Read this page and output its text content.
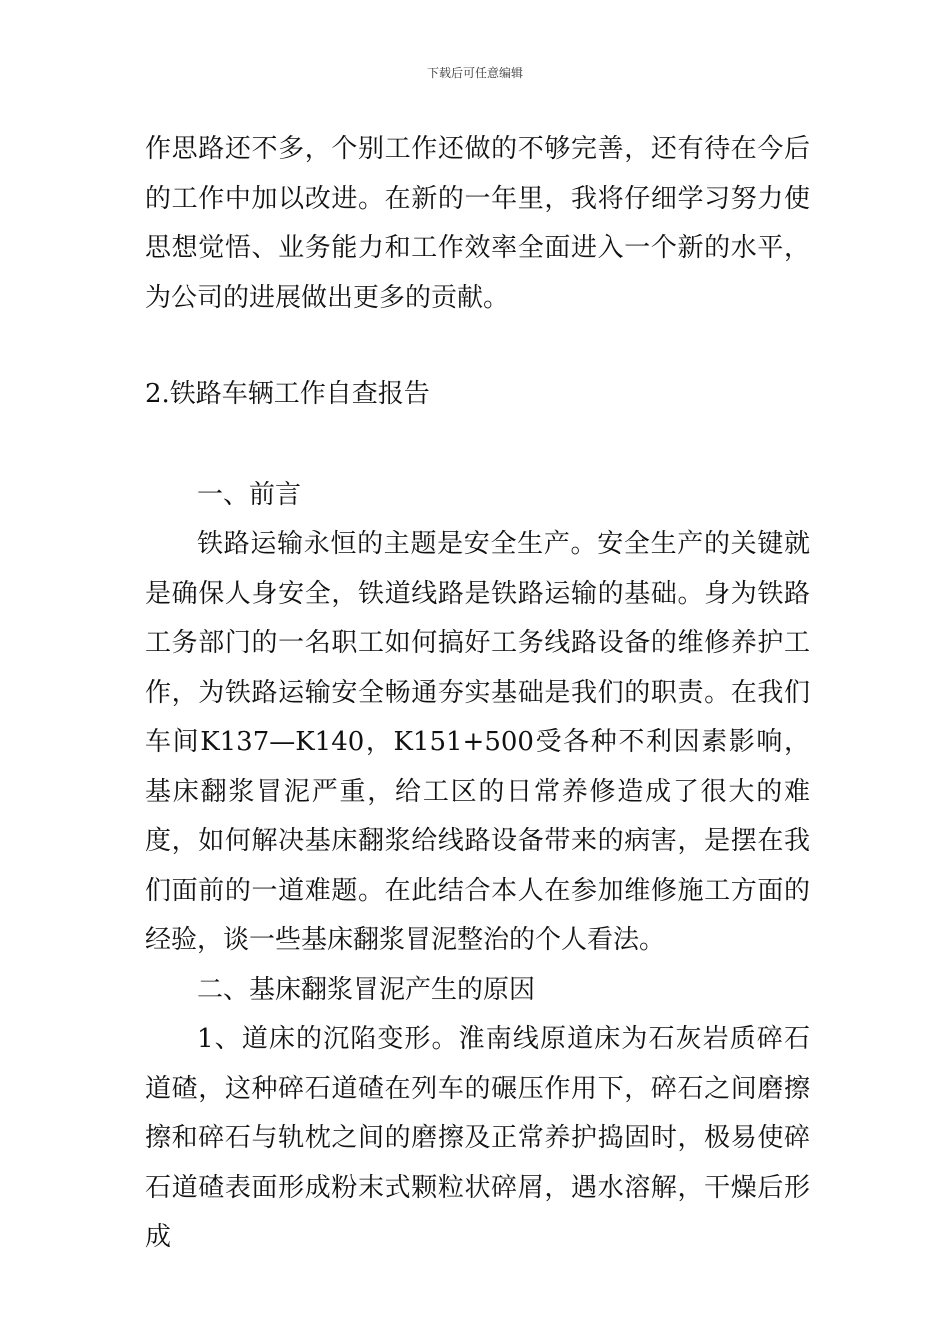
下载后可任意编辑

作思路还不多，个别工作还做的不够完善，还有待在今后的工作中加以改进。在新的一年里，我将仔细学习努力使思想觉悟、业务能力和工作效率全面进入一个新的水平，为公司的进展做出更多的贡献。

2.铁路车辆工作自查报告

一、前言

铁路运输永恒的主题是安全生产。安全生产的关键就是确保人身安全，铁道线路是铁路运输的基础。身为铁路工务部门的一名职工如何搞好工务线路设备的维修养护工作，为铁路运输安全畅通夯实基础是我们的职责。在我们车间K137—K140，K151+500受各种不利因素影响，基床翻浆冒泥严重，给工区的日常养修造成了很大的难度，如何解决基床翻浆给线路设备带来的病害，是摆在我们面前的一道难题。在此结合本人在参加维修施工方面的经验，谈一些基床翻浆冒泥整治的个人看法。

二、基床翻浆冒泥产生的原因

1、道床的沉陷变形。淮南线原道床为石灰岩质碎石道碴，这种碎石道碴在列车的碾压作用下，碎石之间磨擦擦和碎石与轨枕之间的磨擦及正常养护捣固时，极易使碎石道碴表面形成粉末式颗粒状碎屑，遇水溶解，干燥后形成
